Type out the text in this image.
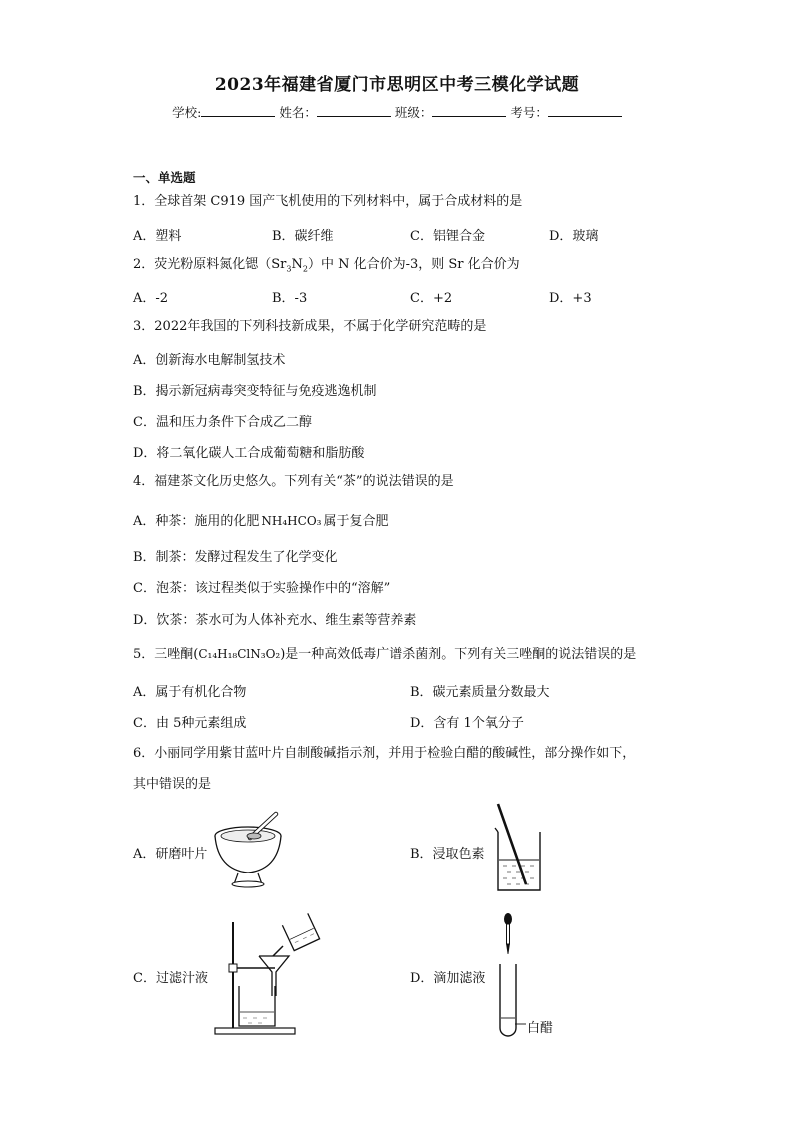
2023年福建省厦门市思明区中考三模化学试题
学校:	姓名：	班级：	考号：
一、单选题
1．全球首架 C919 国产飞机使用的下列材料中，属于合成材料的是
A．塑料	B．碳纤维	C．铝锂合金	D．玻璃
2．荧光粉原料氮化锶$(Sr_3N_2)$中 N 化合价为-3，则 Sr 化合价为
A．-2	B．-3	C．+2	D．+3
3．2022年我国的下列科技新成果，不属于化学研究范畴的是
A．创新海水电解制氢技术
B．揭示新冠病毒突变特征与免疫逃逸机制
C．温和压力条件下合成乙二醇
D．将二氧化碳人工合成葡萄糖和脂肪酸
4．福建茶文化历史悠久。下列有关“茶”的说法错误的是
A．种茶：施用的化肥 NH₄HCO₃ 属于复合肥
B．制茶：发酵过程发生了化学变化
C．泡茶：该过程类似于实验操作中的“溶解”
D．饮茶：茶水可为人体补充水、维生素等营养素
5．三唑酮(C₁₄H₁₈ClN₃O₂)是一种高效低毒广谱杀菌剂。下列有关三唑酮的说法错误的是
A．属于有机化合物	B．碳元素质量分数最大
C．由 5种元素组成	D．含有 1个氧分子
6．小丽同学用紫甘蓝叶片自制酸碱指示剂，并用于检验白醋的酸碱性，部分操作如下，
其中错误的是
A．研磨叶片	B．浸取色素
C．过滤汁液	D．滴加滤液
白醋
